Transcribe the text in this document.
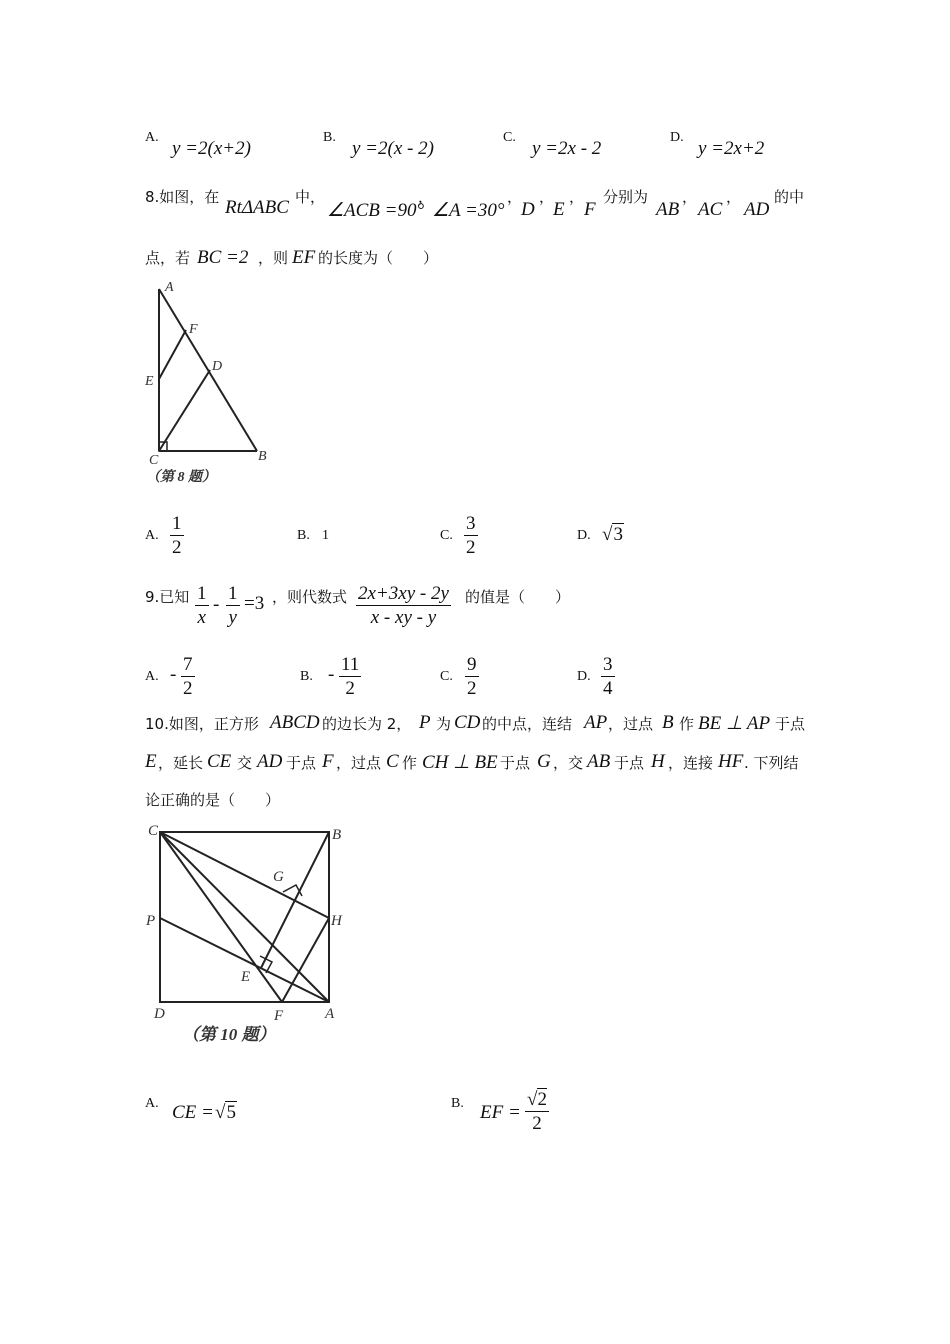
A.
y =2(x+2)
B.
y =2(x - 2)
C.
y =2x - 2
D.
y =2x+2
8.如图，在 RtΔABC 中，
∠ACB =90°
，
∠A =30°
，
D
，
E
，
F
分别为
AB
，
AC
，
AD
的中
点，若 BC =2 ，则 EF 的长度为（　　）
A
F
D
E
C	B
（第 8 题）
A. $\frac{1}{2}$	B. 1	C. $\frac{3}{2}$	D. √3
9.已知 $\frac{1}{x} - \frac{1}{y} =3$ ，则代数式 $\frac{2x+3xy - 2y}{x - xy - y}$ 的值是（　　）
A. - $\frac{7}{2}$	B. - $\frac{11}{2}$	C. $\frac{9}{2}$	D. $\frac{3}{4}$
10.如图，正方形 ABCD 的边长为 2， P 为 CD 的中点，连结 AP ，过点 B 作 BE ⊥ AP 于点
E ，延长 CE 交 AD 于点 F ，过点 C 作 CH ⊥ BE 于点 G ，交 AB 于点 H ，连接 HF . 下列结
论正确的是（　　）
C	B
G
P	H
E
D	F	A
（第 10 题）
A. CE = √5	B. EF = $\frac{√2}{2}$
